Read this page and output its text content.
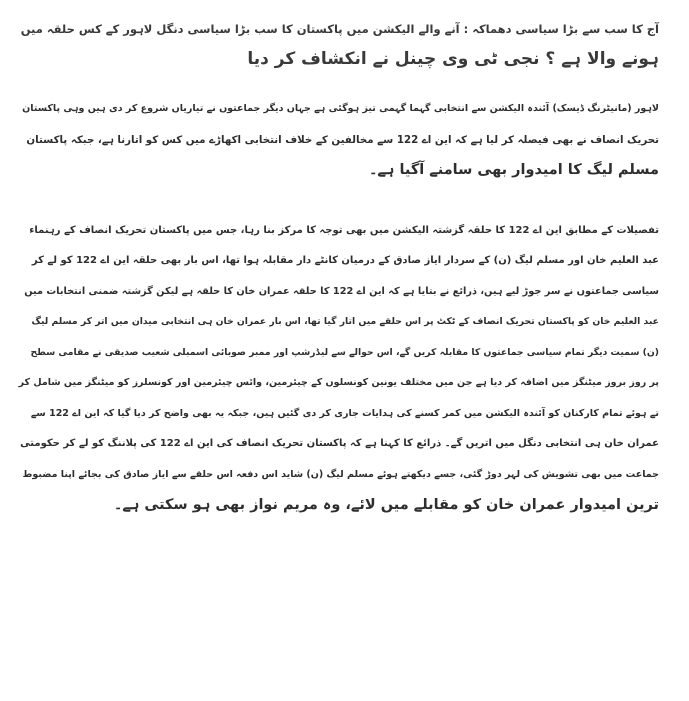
آج کا سب سے بڑا سیاسی دھماکہ : آنے والے الیکشن میں پاکستان کا سب بڑا سیاسی دنگل لاہور کے کس حلقہ میں
ہونے والا ہے ؟ نجی ٹی وی چینل نے انکشاف کر دیا
لاہور (مانیٹرنگ ڈیسک) آئندہ الیکشن سے انتخابی گہما گہمی تیز ہوگئی ہے جہاں دیگر جماعتوں نے تیاریاں شروع کر دی ہیں وہی پاکستان
تحریک انصاف نے بھی فیصلہ کر لیا ہے کہ این اے 122 سے مخالفین کے خلاف انتخابی اکھاڑے میں کس کو اتارنا ہے، جبکہ پاکستان
مسلم لیگ کا امیدوار بھی سامنے آگیا ہے۔
تفصیلات کے مطابق این اے 122 کا حلقہ گزشتہ الیکشن میں بھی توجہ کا مرکز بنا رہا، جس میں پاکستان تحریک انصاف کے رہنماء
عبد العلیم خان اور مسلم لیگ (ن) کے سردار ایاز صادق کے درمیان کانٹے دار مقابلہ ہوا تھا، اس بار بھی حلقہ این اے 122 کو لے کر
سیاسی جماعتوں نے سر جوڑ لیے ہیں، ذرائع نے بتایا ہے کہ این اے 122 کا حلقہ عمران خان کا حلقہ ہے لیکن گزشتہ ضمنی انتخابات میں
عبد العلیم خان کو پاکستان تحریک انصاف کے ٹکٹ پر اس حلقے میں اتار گیا تھا، اس بار عمران خان ہی انتخابی میدان میں اتر کر مسلم لیگ
(ن) سمیت دیگر تمام سیاسی جماعتوں کا مقابلہ کریں گے، اس حوالے سے لیڈرشپ اور ممبر صوبائی اسمبلی شعیب صدیقی نے مقامی سطح
پر روز بروز میٹنگز میں اضافہ کر دیا ہے جن میں مختلف یونین کونسلوں کے چیئرمین، وائس چیئرمین اور کونسلرز کو میٹنگز میں شامل کر
تے ہوئے تمام کارکنان کو آئندہ الیکشن میں کمر کسنے کی ہدایات جاری کر دی گئیں ہیں، جبکہ یہ بھی واضح کر دیا گیا کہ این اے 122 سے
عمران خان ہی انتخابی دنگل میں اتریں گے۔ ذرائع کا کہنا ہے کہ پاکستان تحریک انصاف کی این اے 122 کی پلاننگ کو لے کر حکومتی
جماعت میں بھی تشویش کی لہر دوڑ گئی، جسے دیکھتے ہوئے مسلم لیگ (ن) شاید اس دفعہ اس حلقے سے ایاز صادق کی بجائے اپنا مضبوط
ترین امیدوار عمران خان کو مقابلے میں لائے، وہ مریم نواز بھی ہو سکتی ہے۔
